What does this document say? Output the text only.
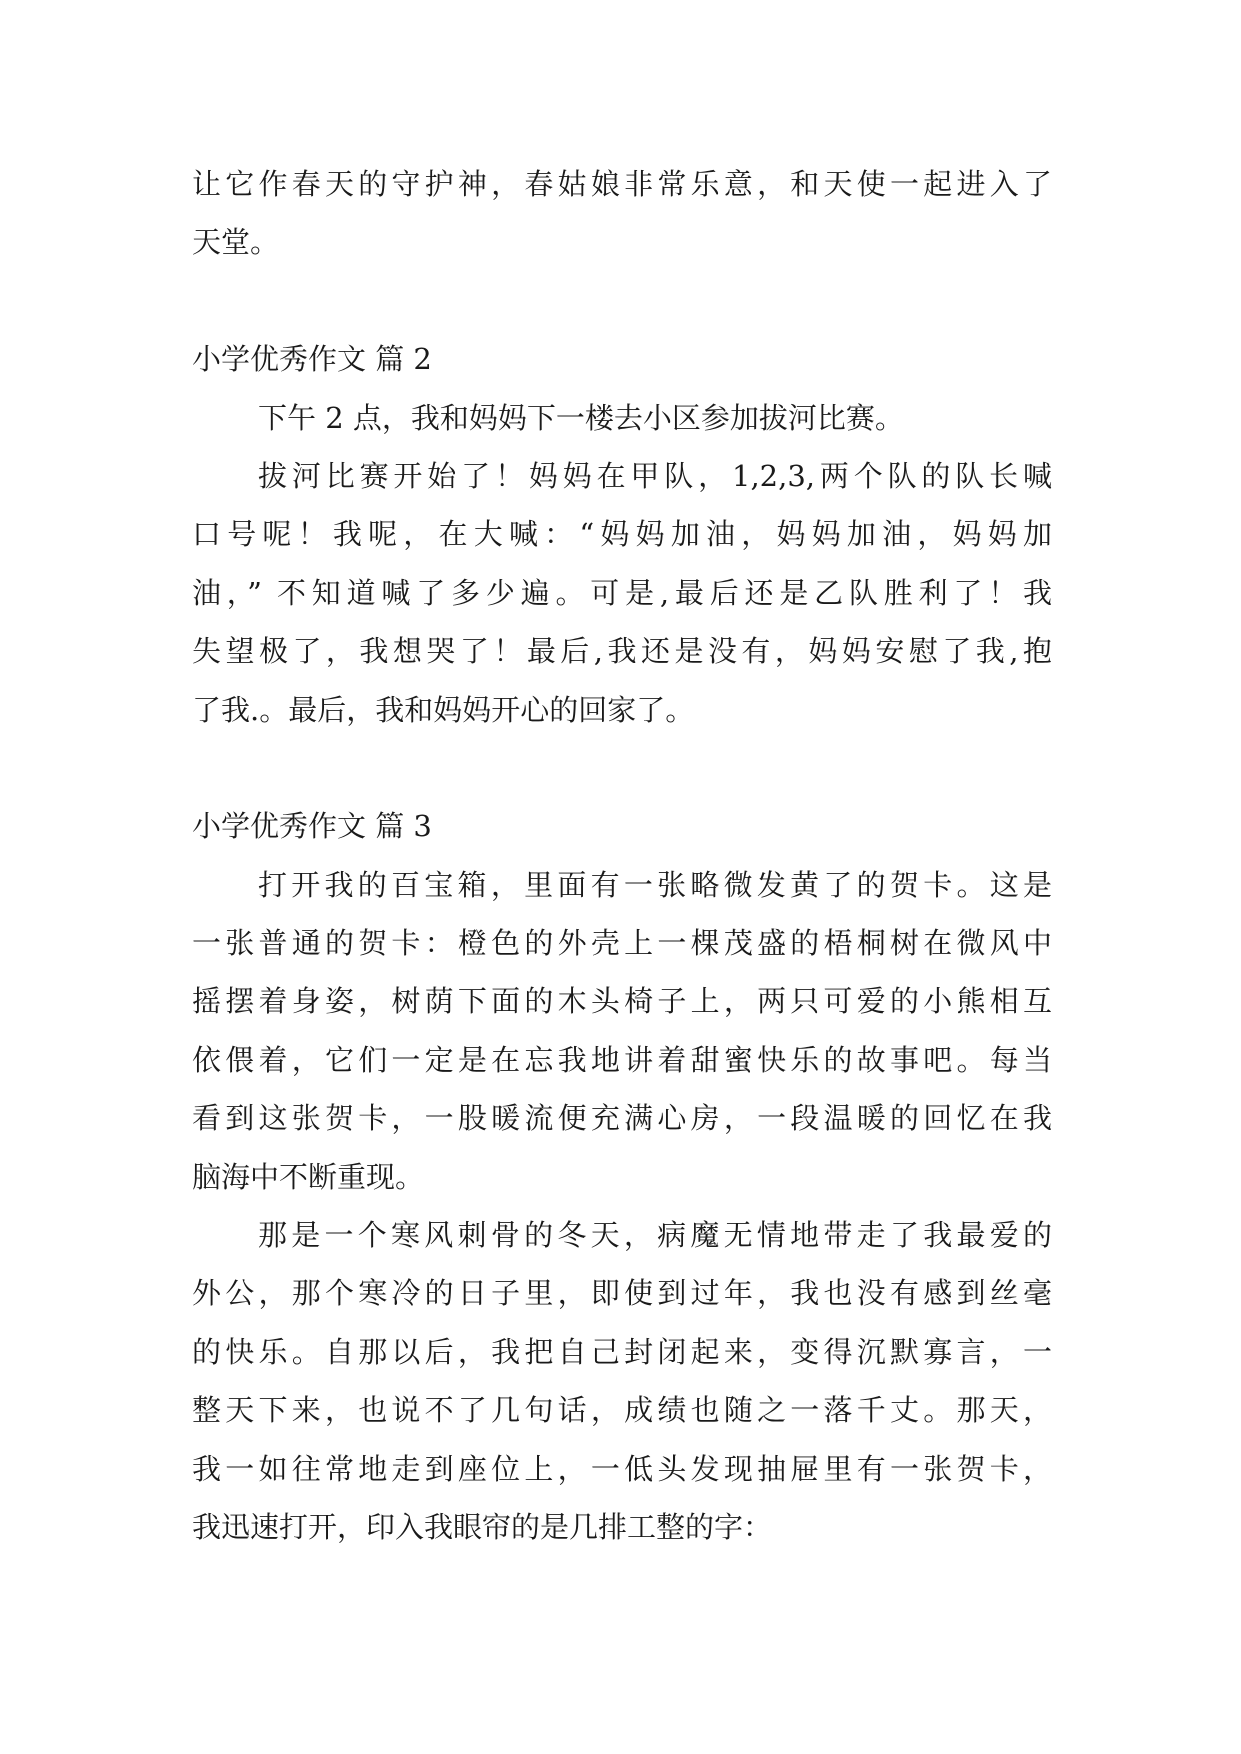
让它作春天的守护神，春姑娘非常乐意，和天使一起进入了
天堂。
小学优秀作文 篇 2
下午 2 点，我和妈妈下一楼去小区参加拔河比赛。
拔河比赛开始了！妈妈在甲队，1,2,3,两个队的队长喊
口号呢！我呢，在大喊：“妈妈加油，妈妈加油，妈妈加
油，” 不知道喊了多少遍。可是,最后还是乙队胜利了！我
失望极了，我想哭了！最后,我还是没有，妈妈安慰了我,抱
了我.。最后，我和妈妈开心的回家了。
小学优秀作文 篇 3
打开我的百宝箱，里面有一张略微发黄了的贺卡。这是
一张普通的贺卡：橙色的外壳上一棵茂盛的梧桐树在微风中
摇摆着身姿，树荫下面的木头椅子上，两只可爱的小熊相互
依偎着，它们一定是在忘我地讲着甜蜜快乐的故事吧。每当
看到这张贺卡，一股暖流便充满心房，一段温暖的回忆在我
脑海中不断重现。
那是一个寒风刺骨的冬天，病魔无情地带走了我最爱的
外公，那个寒冷的日子里，即使到过年，我也没有感到丝毫
的快乐。自那以后，我把自己封闭起来，变得沉默寡言，一
整天下来，也说不了几句话，成绩也随之一落千丈。那天，
我一如往常地走到座位上，一低头发现抽屉里有一张贺卡，
我迅速打开，印入我眼帘的是几排工整的字：
